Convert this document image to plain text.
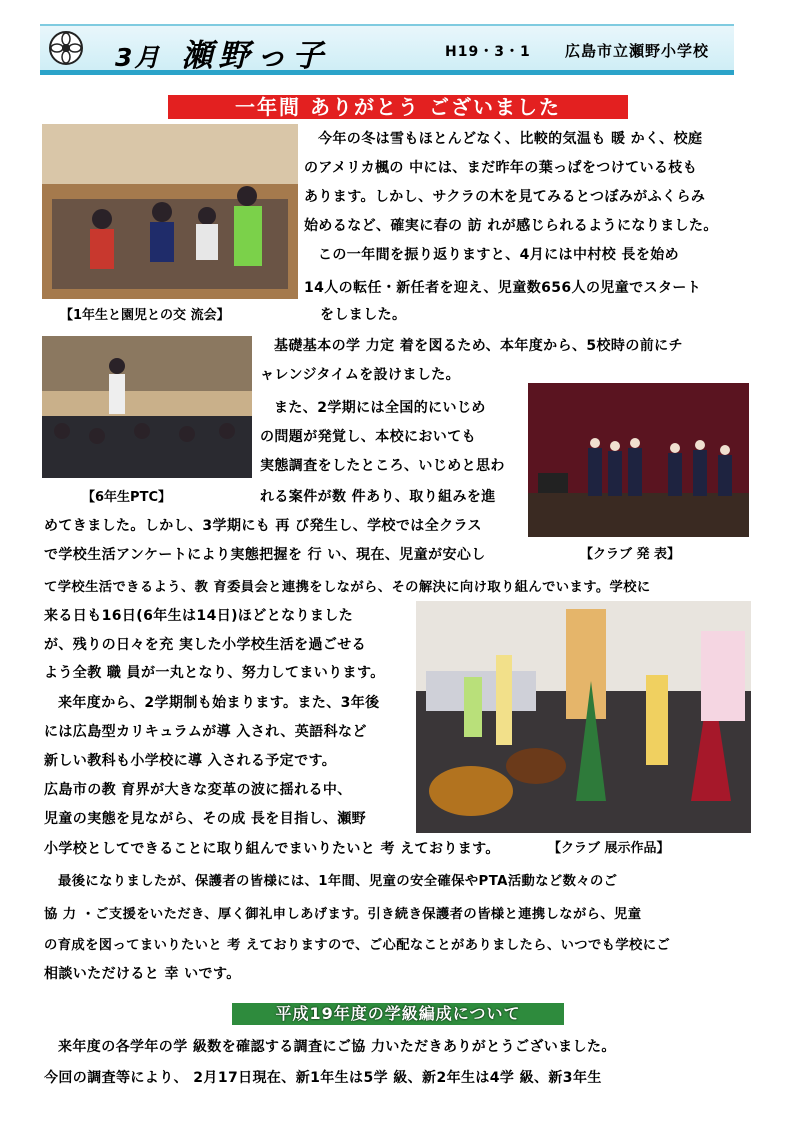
3月 瀬野っ子	H19・3・1 広島市立瀬野小学校
一年間 ありがとう ございました
【1年生と園児との交 流会】
【6年生PTC】
【クラブ 発 表】
【クラブ 展示作品】
今年の冬は雪もほとんどなく、比較的気温も 暖 かく、校庭
のアメリカ楓の 中には、まだ昨年の葉っぱをつけている枝も
あります。しかし、サクラの木を見てみるとつぼみがふくらみ
始めるなど、確実に春の 訪 れが感じられるようになりました。
この一年間を振り返りますと、4月には中村校 長を始め
14人の転任・新任者を迎え、児童数656人の児童でスタート
をしました。
基礎基本の学 力定 着を図るため、本年度から、5校時の前にチ
ャレンジタイムを設けました。
また、2学期には全国的にいじめ
の問題が発覚し、本校においても
実態調査をしたところ、いじめと思わ
れる案件が数 件あり、取り組みを進
めてきました。しかし、3学期にも 再 び発生し、学校では全クラス
で学校生活アンケートにより実態把握を 行 い、現在、児童が安心し
て学校生活できるよう、教 育委員会と連携をしながら、その解決に向け取り組んでいます。学校に
来る日も16日(6年生は14日)ほどとなりました
が、残りの日々を充 実した小学校生活を過ごせる
よう全教 職 員が一丸となり、努力してまいります。
来年度から、2学期制も始まります。また、3年後
には広島型カリキュラムが導 入され、英語科など
新しい教科も小学校に導 入される予定です。
広島市の教 育界が大きな変革の波に揺れる中、
児童の実態を見ながら、その成 長を目指し、瀬野
小学校としてできることに取り組んでまいりたいと 考 えております。
最後になりましたが、保護者の皆様には、1年間、児童の安全確保やPTA活動など数々のご
協 力 ・ご支援をいただき、厚く御礼申しあげます。引き続き保護者の皆様と連携しながら、児童
の育成を図ってまいりたいと 考 えておりますので、ご心配なことがありましたら、いつでも学校にご
相談いただけると 幸 いです。
平成19年度の学級編成について
来年度の各学年の学 級数を確認する調査にご協 力いただきありがとうございました。
今回の調査等により、 2月17日現在、新1年生は5学 級、新2年生は4学 級、新3年生
